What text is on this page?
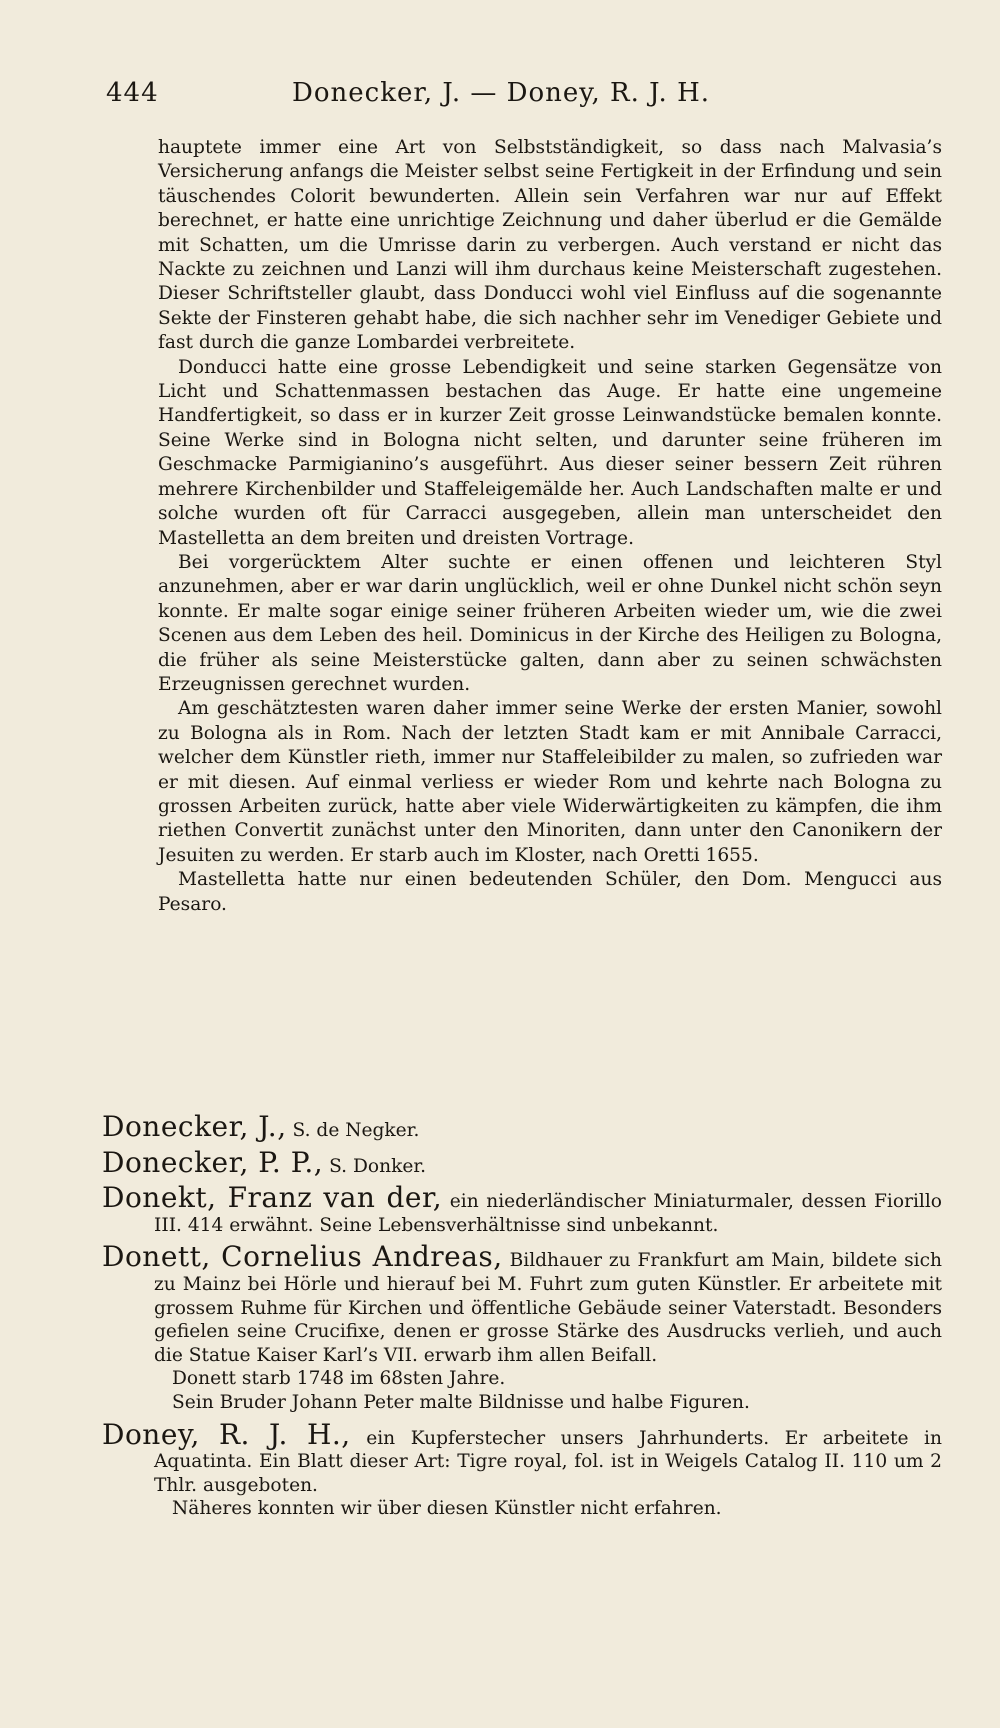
444	Donecker, J. — Doney, R. J. H.

hauptete immer eine Art von Selbstständigkeit, so dass nach Malvasia’s Versicherung anfangs die Meister selbst seine Fertigkeit in der Erfindung und sein täuschendes Colorit bewunderten. Allein sein Verfahren war nur auf Effekt berechnet, er hatte eine unrichtige Zeichnung und daher überlud er die Gemälde mit Schatten, um die Umrisse darin zu verbergen. Auch verstand er nicht das Nackte zu zeichnen und Lanzi will ihm durchaus keine Meisterschaft zugestehen. Dieser Schriftsteller glaubt, dass Donducci wohl viel Einfluss auf die sogenannte Sekte der Finsteren gehabt habe, die sich nachher sehr im Venediger Gebiete und fast durch die ganze Lombardei verbreitete.

Donducci hatte eine grosse Lebendigkeit und seine starken Gegensätze von Licht und Schattenmassen bestachen das Auge. Er hatte eine ungemeine Handfertigkeit, so dass er in kurzer Zeit grosse Leinwandstücke bemalen konnte. Seine Werke sind in Bologna nicht selten, und darunter seine früheren im Geschmacke Parmigianino’s ausgeführt. Aus dieser seiner bessern Zeit rühren mehrere Kirchenbilder und Staffeleigemälde her. Auch Landschaften malte er und solche wurden oft für Carracci ausgegeben, allein man unterscheidet den Mastelletta an dem breiten und dreisten Vortrage.

Bei vorgerücktem Alter suchte er einen offenen und leichteren Styl anzunehmen, aber er war darin unglücklich, weil er ohne Dunkel nicht schön seyn konnte. Er malte sogar einige seiner früheren Arbeiten wieder um, wie die zwei Scenen aus dem Leben des heil. Dominicus in der Kirche des Heiligen zu Bologna, die früher als seine Meisterstücke galten, dann aber zu seinen schwächsten Erzeugnissen gerechnet wurden.

Am geschätztesten waren daher immer seine Werke der ersten Manier, sowohl zu Bologna als in Rom. Nach der letzten Stadt kam er mit Annibale Carracci, welcher dem Künstler rieth, immer nur Staffeleibilder zu malen, so zufrieden war er mit diesen. Auf einmal verliess er wieder Rom und kehrte nach Bologna zu grossen Arbeiten zurück, hatte aber viele Widerwärtigkeiten zu kämpfen, die ihm riethen Convertit zunächst unter den Minoriten, dann unter den Canonikern der Jesuiten zu werden. Er starb auch im Kloster, nach Oretti 1655.

Mastelletta hatte nur einen bedeutenden Schüler, den Dom. Mengucci aus Pesaro.

Donecker, J., S. de Negker.

Donecker, P. P., S. Donker.

Donekt, Franz van der, ein niederländischer Miniaturmaler, dessen Fiorillo III. 414 erwähnt. Seine Lebensverhältnisse sind unbekannt.

Donett, Cornelius Andreas, Bildhauer zu Frankfurt am Main, bildete sich zu Mainz bei Hörle und hierauf bei M. Fuhrt zum guten Künstler. Er arbeitete mit grossem Ruhme für Kirchen und öffentliche Gebäude seiner Vaterstadt. Besonders gefielen seine Crucifixe, denen er grosse Stärke des Ausdrucks verlieh, und auch die Statue Kaiser Karl’s VII. erwarb ihm allen Beifall.
Donett starb 1748 im 68sten Jahre.
Sein Bruder Johann Peter malte Bildnisse und halbe Figuren.

Doney, R. J. H., ein Kupferstecher unsers Jahrhunderts. Er arbeitete in Aquatinta. Ein Blatt dieser Art: Tigre royal, fol. ist in Weigels Catalog II. 110 um 2 Thlr. ausgeboten.
Näheres konnten wir über diesen Künstler nicht erfahren.
